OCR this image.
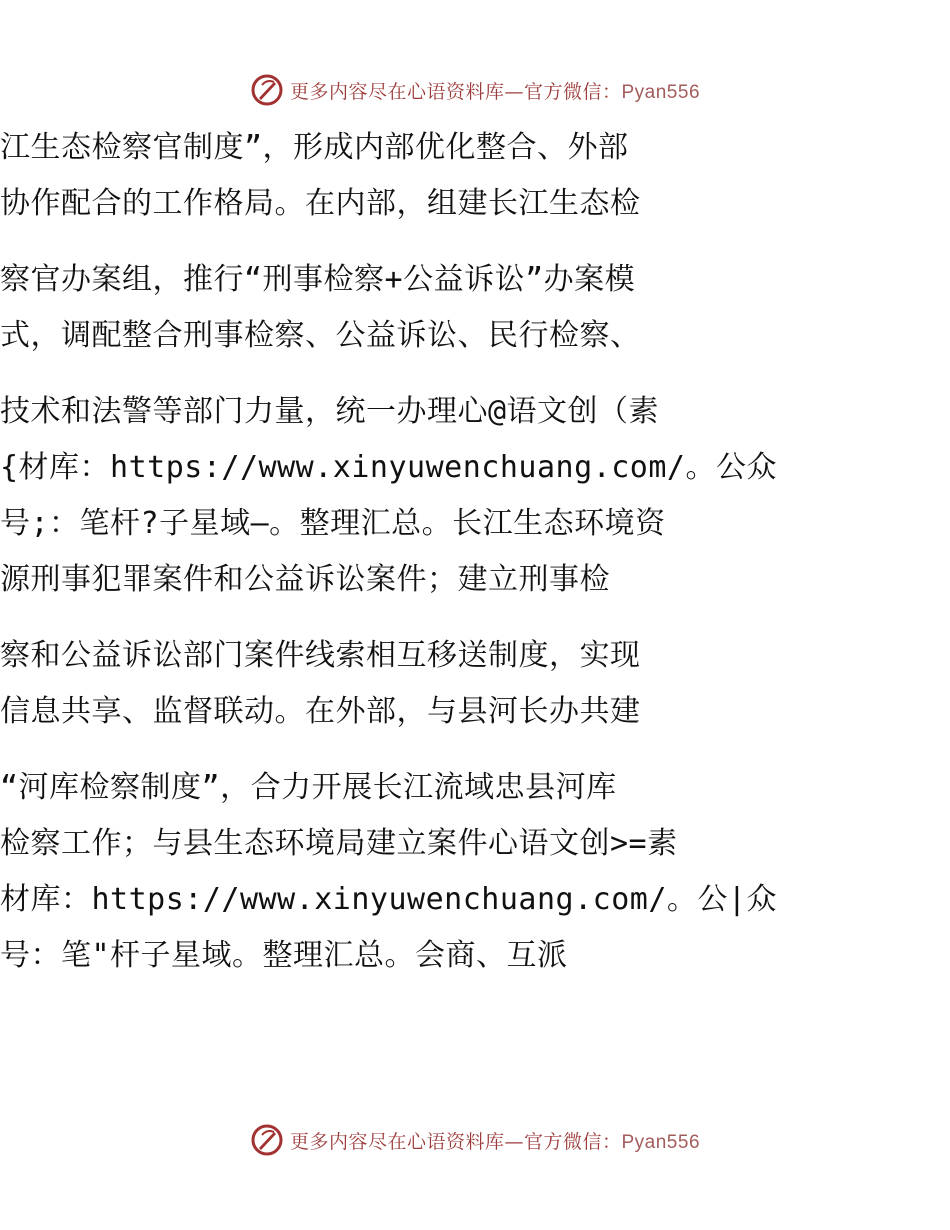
更多内容尽在心语资料库—官方微信：Pyan556
江生态检察官制度”，形成内部优化整合、外部
协作配合的工作格局。在内部，组建长江生态检
察官办案组，推行“刑事检察+公益诉讼”办案模
式，调配整合刑事检察、公益诉讼、民行检察、
技术和法警等部门力量，统一办理心@语文创（素
{材库：https://www.xinyuwenchuang.com/。公众
号;：笔杆?子星域—。整理汇总。长江生态环境资
源刑事犯罪案件和公益诉讼案件；建立刑事检
察和公益诉讼部门案件线索相互移送制度，实现
信息共享、监督联动。在外部，与县河长办共建
“河库检察制度”，合力开展长江流域忠县河库
检察工作；与县生态环境局建立案件心语文创>=素
材库：https://www.xinyuwenchuang.com/。公|众
号：笔"杆子星域。整理汇总。会商、互派
更多内容尽在心语资料库—官方微信：Pyan556
